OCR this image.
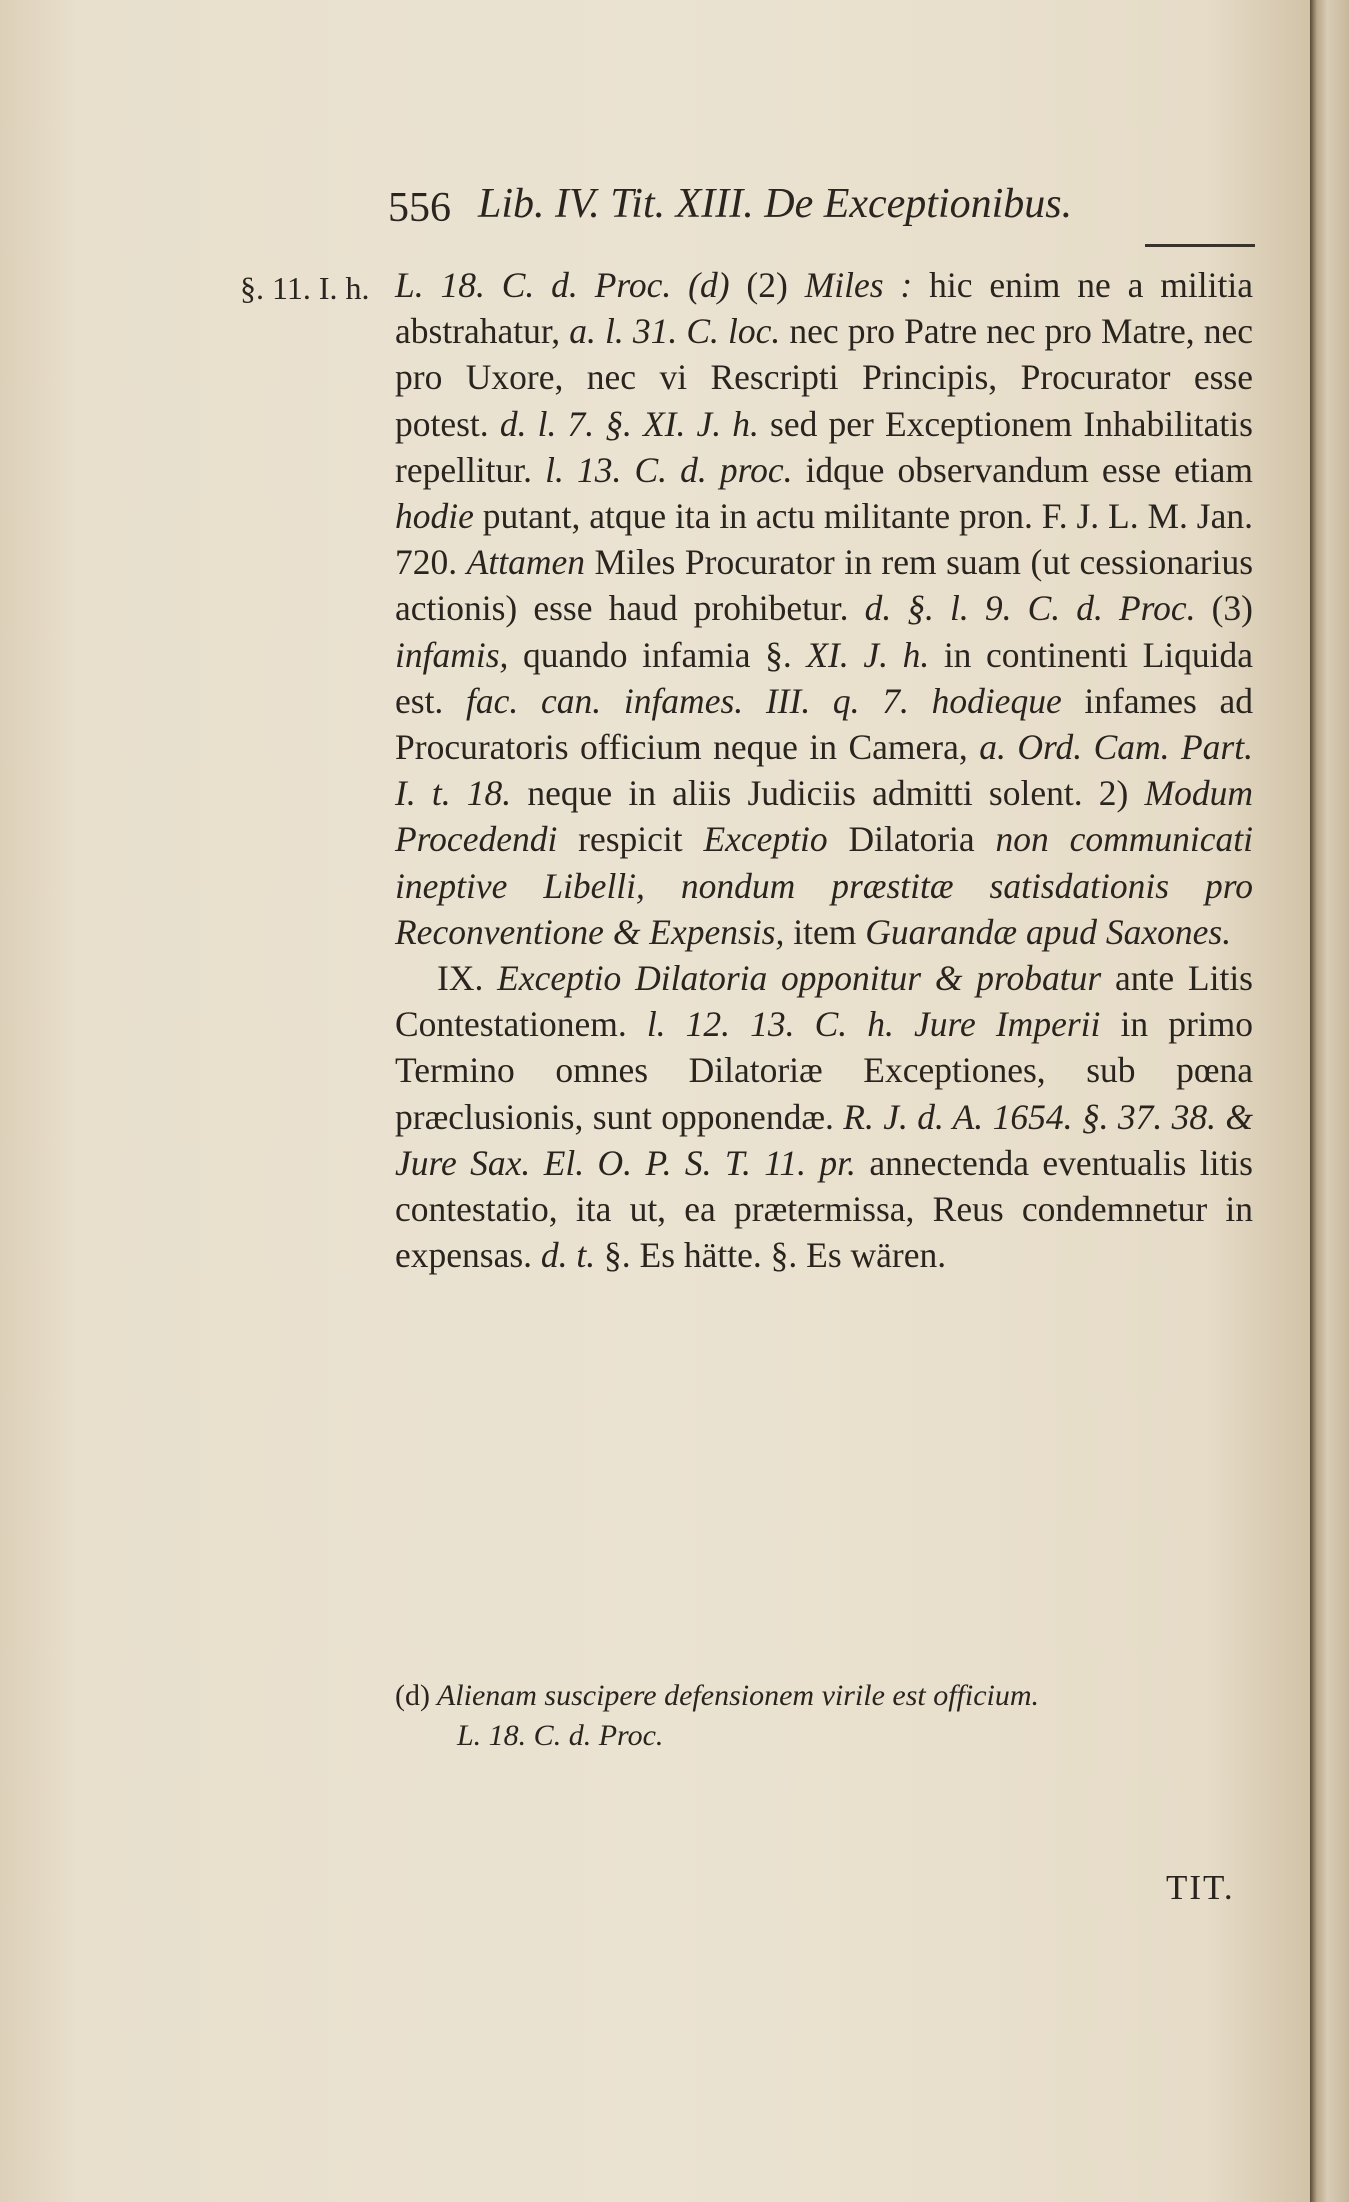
556 Lib. IV. Tit. XIII. De Exceptionibus.
§. 11. I. h. L. 18. C. d. Proc. (d) (2) Miles : hic enim ne a militia abstrahatur, a. l. 31. C. loc. nec pro Patre nec pro Matre, nec pro Uxore, nec vi Rescripti Principis, Procurator esse potest. d. l. 7. §. XI. J. h. sed per Exceptionem Inhabilitatis repellitur. l. 13. C. d. proc. idque observandum esse etiam hodie putant, atque ita in actu militante pron. F. J. L. M. Jan. 720. Attamen Miles Procurator in rem suam (ut cessionarius actionis) esse haud prohibetur. d. §. l. 9. C. d. Proc. (3) infamis, quando infamia §. XI. J. h. in continenti Liquida est. fac. can. infames. III. q. 7. hodieque infames ad Procuratoris officium neque in Camera, a. Ord. Cam. Part. I. t. 18. neque in aliis Judiciis admitti solent. 2) Modum Procedendi respicit Exceptio Dilatoria non communicati ineptive Libelli, nondum præstitæ satisdationis pro Reconventione & Expensis, item Guarandæ apud Saxones.

IX. Exceptio Dilatoria opponitur & probatur ante Litis Contestationem. l. 12. 13. C. h. Jure Imperii in primo Termino omnes Dilatoriæ Exceptiones, sub pœna præclusionis, sunt opponendæ. R. J. d. A. 1654. §. 37. 38. & Jure Sax. El. O. P. S. T. 11. pr. annectenda eventualis litis contestatio, ita ut, ea prætermissa, Reus condemnetur in expensas. d. t. §. Es hätte. §. Es wären.

(d) Alienam suscipere defensionem virile est officium.
L. 18. C. d. Proc.
TIT.
